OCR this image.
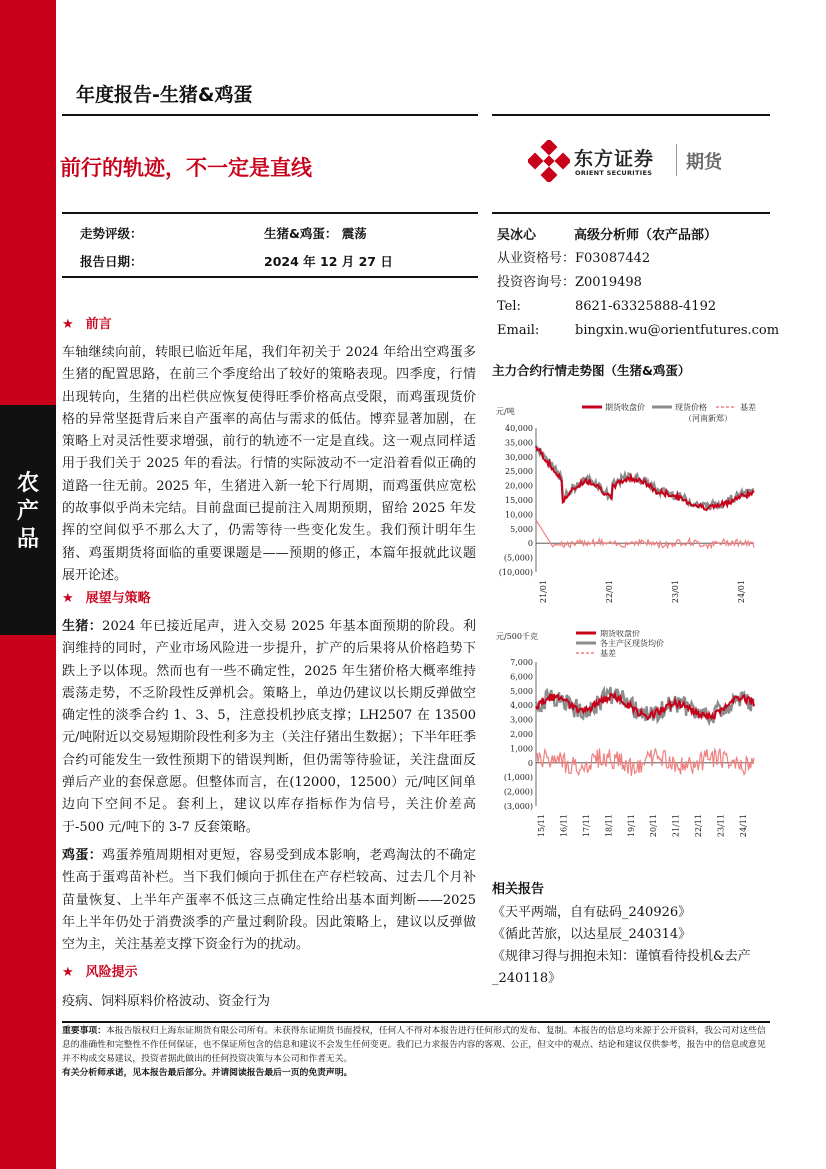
农产品
年度报告-生猪&鸡蛋
前行的轨迹，不一定是直线	东方证券
ORIENT SECURITIES 期货
走势评级：	生猪&鸡蛋： 震荡
报告日期：	2024 年 12 月 27 日
★ 前言
车轴继续向前，转眼已临近年尾，我们年初关于 2024 年给出空鸡蛋多生猪的配置思路，在前三个季度给出了较好的策略表现。四季度，行情出现转向，生猪的出栏供应恢复使得旺季价格高点受限，而鸡蛋现货价格的异常坚挺背后来自产蛋率的高估与需求的低估。博弈显著加剧，在策略上对灵活性要求增强，前行的轨迹不一定是直线。这一观点同样适用于我们关于 2025 年的看法。行情的实际波动不一定沿着看似正确的道路一往无前。2025 年，生猪进入新一轮下行周期，而鸡蛋供应宽松的故事似乎尚未完结。目前盘面已提前注入周期预期，留给 2025 年发挥的空间似乎不那么大了，仍需等待一些变化发生。我们预计明年生猪、鸡蛋期货将面临的重要课题是——预期的修正，本篇年报就此议题展开论述。
★ 展望与策略
生猪：2024 年已接近尾声，进入交易 2025 年基本面预期的阶段。利润维持的同时，产业市场风险进一步提升，扩产的后果将从价格趋势下跌上予以体现。然而也有一些不确定性，2025 年生猪价格大概率维持震荡走势，不乏阶段性反弹机会。策略上，单边仍建议以长期反弹做空确定性的淡季合约 1、3、5，注意投机抄底支撑；LH2507 在 13500 元/吨附近以交易短期阶段性利多为主（关注仔猪出生数据）；下半年旺季合约可能发生一致性预期下的错误判断，但仍需等待验证，关注盘面反弹后产业的套保意愿。但整体而言，在(12000，12500）元/吨区间单边向下空间不足。套利上，建议以库存指标作为信号，关注价差高于-500 元/吨下的 3-7 反套策略。
鸡蛋：鸡蛋养殖周期相对更短，容易受到成本影响，老鸡淘汰的不确定性高于蛋鸡苗补栏。当下我们倾向于抓住在产存栏较高、过去几个月补苗量恢复、上半年产蛋率不低这三点确定性给出基本面判断——2025 年上半年仍处于消费淡季的产量过剩阶段。因此策略上，建议以反弹做空为主，关注基差支撑下资金行为的扰动。
★ 风险提示
疫病、饲料原料价格波动、资金行为
吴冰心	高级分析师（农产品部）
从业资格号：F03087442
投资咨询号：Z0019498
Tel:	8621-63325888-4192
Email:	bingxin.wu@orientfutures.com
主力合约行情走势图（生猪&鸡蛋）
元/吨	期货收盘价	现货价格
（河南新郑）
基差
40,000
35,000
30,000
25,000
20,000
15,000
10,000
5,000
0
(5,000)
(10,000)
21/01	22/01	23/01	24/01
元/500千克	期货收盘价
各主产区现货均价
基差
7,000
6,000
5,000
4,000
3,000
2,000
1,000
0
(1,000)
(2,000)
(3,000)
15/11 16/11 17/11 18/11 19/11 20/11 21/11 22/11 23/11 24/11
相关报告
《天平两端，自有砝码_240926》
《循此苦旅，以达星辰_240314》
《规律习得与拥抱未知：谨慎看待投机&去产_240118》
重要事项：本报告版权归上海东证期货有限公司所有。未获得东证期货书面授权，任何人不得对本报告进行任何形式的发布、复制。本报告的信息均来源于公开资料，我公司对这些信息的准确性和完整性不作任何保证，也不保证所包含的信息和建议不会发生任何变更。我们已力求报告内容的客观、公正，但文中的观点、结论和建议仅供参考，报告中的信息或意见并不构成交易建议，投资者据此做出的任何投资决策与本公司和作者无关。
有关分析师承诺，见本报告最后部分。并请阅读报告最后一页的免责声明。
